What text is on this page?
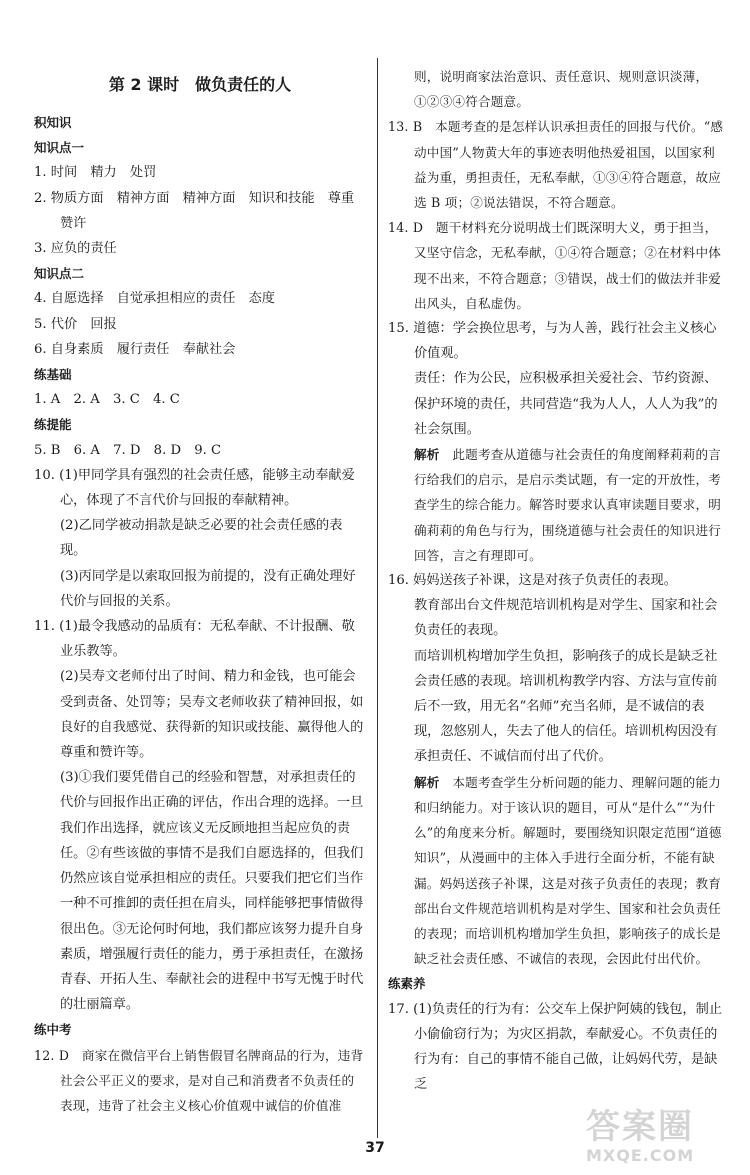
第 2 课时　做负责任的人

积知识

知识点一

1. 时间　精力　处罚

2. 物质方面　精神方面　精神方面　知识和技能　尊重

赞许

3. 应负的责任

知识点二

4. 自愿选择　自觉承担相应的责任　态度

5. 代价　回报

6. 自身素质　履行责任　奉献社会

练基础

1. A　2. A　3. C　4. C

练提能

5. B　6. A　7. D　8. D　9. C

10. (1)甲同学具有强烈的社会责任感，能够主动奉献爱心，体现了不言代价与回报的奉献精神。

(2)乙同学被动捐款是缺乏必要的社会责任感的表现。

(3)丙同学是以索取回报为前提的，没有正确处理好代价与回报的关系。

11. (1)最令我感动的品质有：无私奉献、不计报酬、敬业乐教等。

(2)吴寿文老师付出了时间、精力和金钱，也可能会受到责备、处罚等；吴寿文老师收获了精神回报，如良好的自我感觉、获得新的知识或技能、赢得他人的尊重和赞许等。

(3)①我们要凭借自己的经验和智慧，对承担责任的代价与回报作出正确的评估，作出合理的选择。一旦我们作出选择，就应该义无反顾地担当起应负的责任。②有些该做的事情不是我们自愿选择的，但我们仍然应该自觉承担相应的责任。只要我们把它们当作一种不可推卸的责任担在肩头，同样能够把事情做得很出色。③无论何时何地，我们都应该努力提升自身素质，增强履行责任的能力，勇于承担责任，在激扬青春、开拓人生、奉献社会的进程中书写无愧于时代的壮丽篇章。

练中考

12. D　商家在微信平台上销售假冒名牌商品的行为，违背社会公平正义的要求，是对自己和消费者不负责任的表现，违背了社会主义核心价值观中诚信的价值准

则，说明商家法治意识、责任意识、规则意识淡薄，①②③④符合题意。

13. B　本题考查的是怎样认识承担责任的回报与代价。“感动中国”人物黄大年的事迹表明他热爱祖国，以国家利益为重，勇担责任，无私奉献，①③④符合题意，故应选 B 项；②说法错误，不符合题意。

14. D　题干材料充分说明战士们既深明大义，勇于担当，又坚守信念，无私奉献，①④符合题意；②在材料中体现不出来，不符合题意；③错误，战士们的做法并非爱出风头，自私虚伪。

15. 道德：学会换位思考，与为人善，践行社会主义核心价值观。

责任：作为公民，应积极承担关爱社会、节约资源、保护环境的责任，共同营造“我为人人，人人为我”的社会氛围。

解析　此题考查从道德与社会责任的角度阐释莉莉的言行给我们的启示，是启示类试题，有一定的开放性，考查学生的综合能力。解答时要求认真审读题目要求，明确莉莉的角色与行为，围绕道德与社会责任的知识进行回答，言之有理即可。

16. 妈妈送孩子补课，这是对孩子负责任的表现。

教育部出台文件规范培训机构是对学生、国家和社会负责任的表现。

而培训机构增加学生负担，影响孩子的成长是缺乏社会责任感的表现。培训机构教学内容、方法与宣传前后不一致，用无名“名师”充当名师，是不诚信的表现，忽悠别人，失去了他人的信任。培训机构因没有承担责任、不诚信而付出了代价。

解析　本题考查学生分析问题的能力、理解问题的能力和归纳能力。对于该认识的题目，可从“是什么”“为什么”的角度来分析。解题时，要围绕知识限定范围“道德知识”，从漫画中的主体入手进行全面分析，不能有缺漏。妈妈送孩子补课，这是对孩子负责任的表现；教育部出台文件规范培训机构是对学生、国家和社会负责任的表现；而培训机构增加学生负担，影响孩子的成长是缺乏社会责任感、不诚信的表现，会因此付出代价。

练素养

17. (1)负责任的行为有：公交车上保护阿姨的钱包，制止小偷偷窃行为；为灾区捐款，奉献爱心。不负责任的行为有：自己的事情不能自己做，让妈妈代劳，是缺乏

37
答案圈
MXQE.COM
